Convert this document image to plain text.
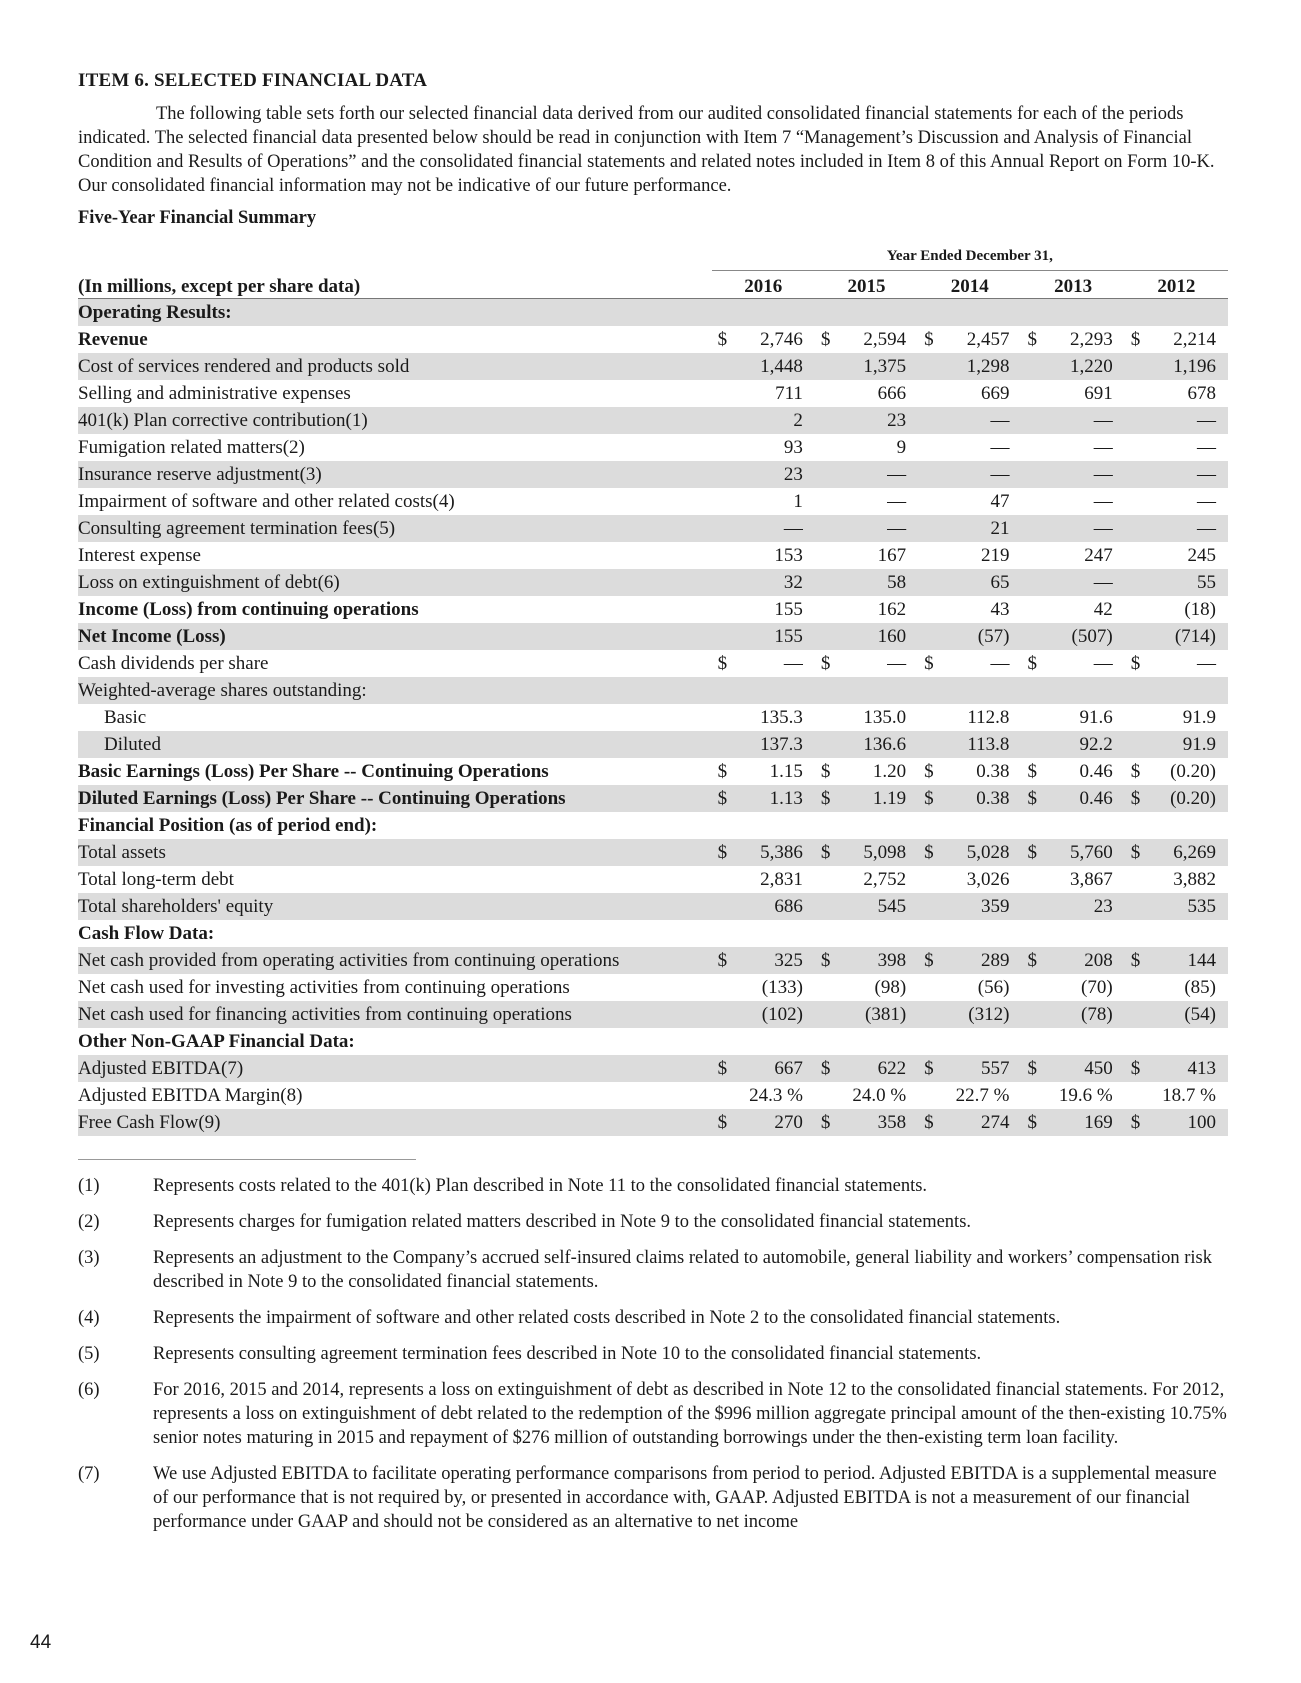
ITEM 6. SELECTED FINANCIAL DATA

The following table sets forth our selected financial data derived from our audited consolidated financial statements for each of the periods indicated. The selected financial data presented below should be read in conjunction with Item 7 “Management’s Discussion and Analysis of Financial Condition and Results of Operations” and the consolidated financial statements and related notes included in Item 8 of this Annual Report on Form 10-K. Our consolidated financial information may not be indicative of our future performance.

Five-Year Financial Summary
	Year Ended December 31,				
(In millions, except per share data)	2016	2015	2014	2013	2012
Operating Results:					
Revenue	$ 2,746	$ 2,594	$ 2,457	$ 2,293	$ 2,214

Cost of services rendered and products sold	1,448	1,375	1,298	1,220	1,196

Selling and administrative expenses	711	666	669	691	678

401(k) Plan corrective contribution(1)	2	23	—	—	—

Fumigation related matters(2)	93	9	—	—	—

Insurance reserve adjustment(3)	23	—	—	—	—

Impairment of software and other related costs(4)	1	—	47	—	—

Consulting agreement termination fees(5)	—	—	21	—	—

Interest expense	153	167	219	247	245

Loss on extinguishment of debt(6)	32	58	65	—	55

Income (Loss) from continuing operations	155	162	43	42	(18)

Net Income (Loss)	155	160	(57)	(507)	(714)

Cash dividends per share	$ —	$ —	$ —	$ —	$ —

Weighted-average shares outstanding:					
Basic	135.3	135.0	112.8	91.6	91.9

Diluted	137.3	136.6	113.8	92.2	91.9

Basic Earnings (Loss) Per Share -- Continuing Operations	$ 1.15	$ 1.20	$ 0.38	$ 0.46	$ (0.20)

Diluted Earnings (Loss) Per Share -- Continuing Operations	$ 1.13	$ 1.19	$ 0.38	$ 0.46	$ (0.20)

Financial Position (as of period end):					
Total assets	$ 5,386	$ 5,098	$ 5,028	$ 5,760	$ 6,269

Total long-term debt	2,831	2,752	3,026	3,867	3,882

Total shareholders' equity	686	545	359	23	535

Cash Flow Data:					
Net cash provided from operating activities from continuing operations	$ 325	$ 398	$ 289	$ 208	$ 144

Net cash used for investing activities from continuing operations	(133)	(98)	(56)	(70)	(85)

Net cash used for financing activities from continuing operations	(102)	(381)	(312)	(78)	(54)

Other Non-GAAP Financial Data:					
Adjusted EBITDA(7)	$ 667	$ 622	$ 557	$ 450	$ 413

Adjusted EBITDA Margin(8)	24.3 %	24.0 %	22.7 %	19.6 %	18.7 %

Free Cash Flow(9)	$ 270	$ 358	$ 274	$ 169	$ 100
(1)	Represents costs related to the 401(k) Plan described in Note 11 to the consolidated financial statements.
(2)	Represents charges for fumigation related matters described in Note 9 to the consolidated financial statements.
(3)	Represents an adjustment to the Company’s accrued self-insured claims related to automobile, general liability and workers’ compensation risk described in Note 9 to the consolidated financial statements.
(4)	Represents the impairment of software and other related costs described in Note 2 to the consolidated financial statements.
(5)	Represents consulting agreement termination fees described in Note 10 to the consolidated financial statements.
(6)	For 2016, 2015 and 2014, represents a loss on extinguishment of debt as described in Note 12 to the consolidated financial statements. For 2012, represents a loss on extinguishment of debt related to the redemption of the $996 million aggregate principal amount of the then-existing 10.75% senior notes maturing in 2015 and repayment of $276 million of outstanding borrowings under the then-existing term loan facility.
(7)	We use Adjusted EBITDA to facilitate operating performance comparisons from period to period. Adjusted EBITDA is a supplemental measure of our performance that is not required by, or presented in accordance with, GAAP. Adjusted EBITDA is not a measurement of our financial performance under GAAP and should not be considered as an alternative to net income
44
